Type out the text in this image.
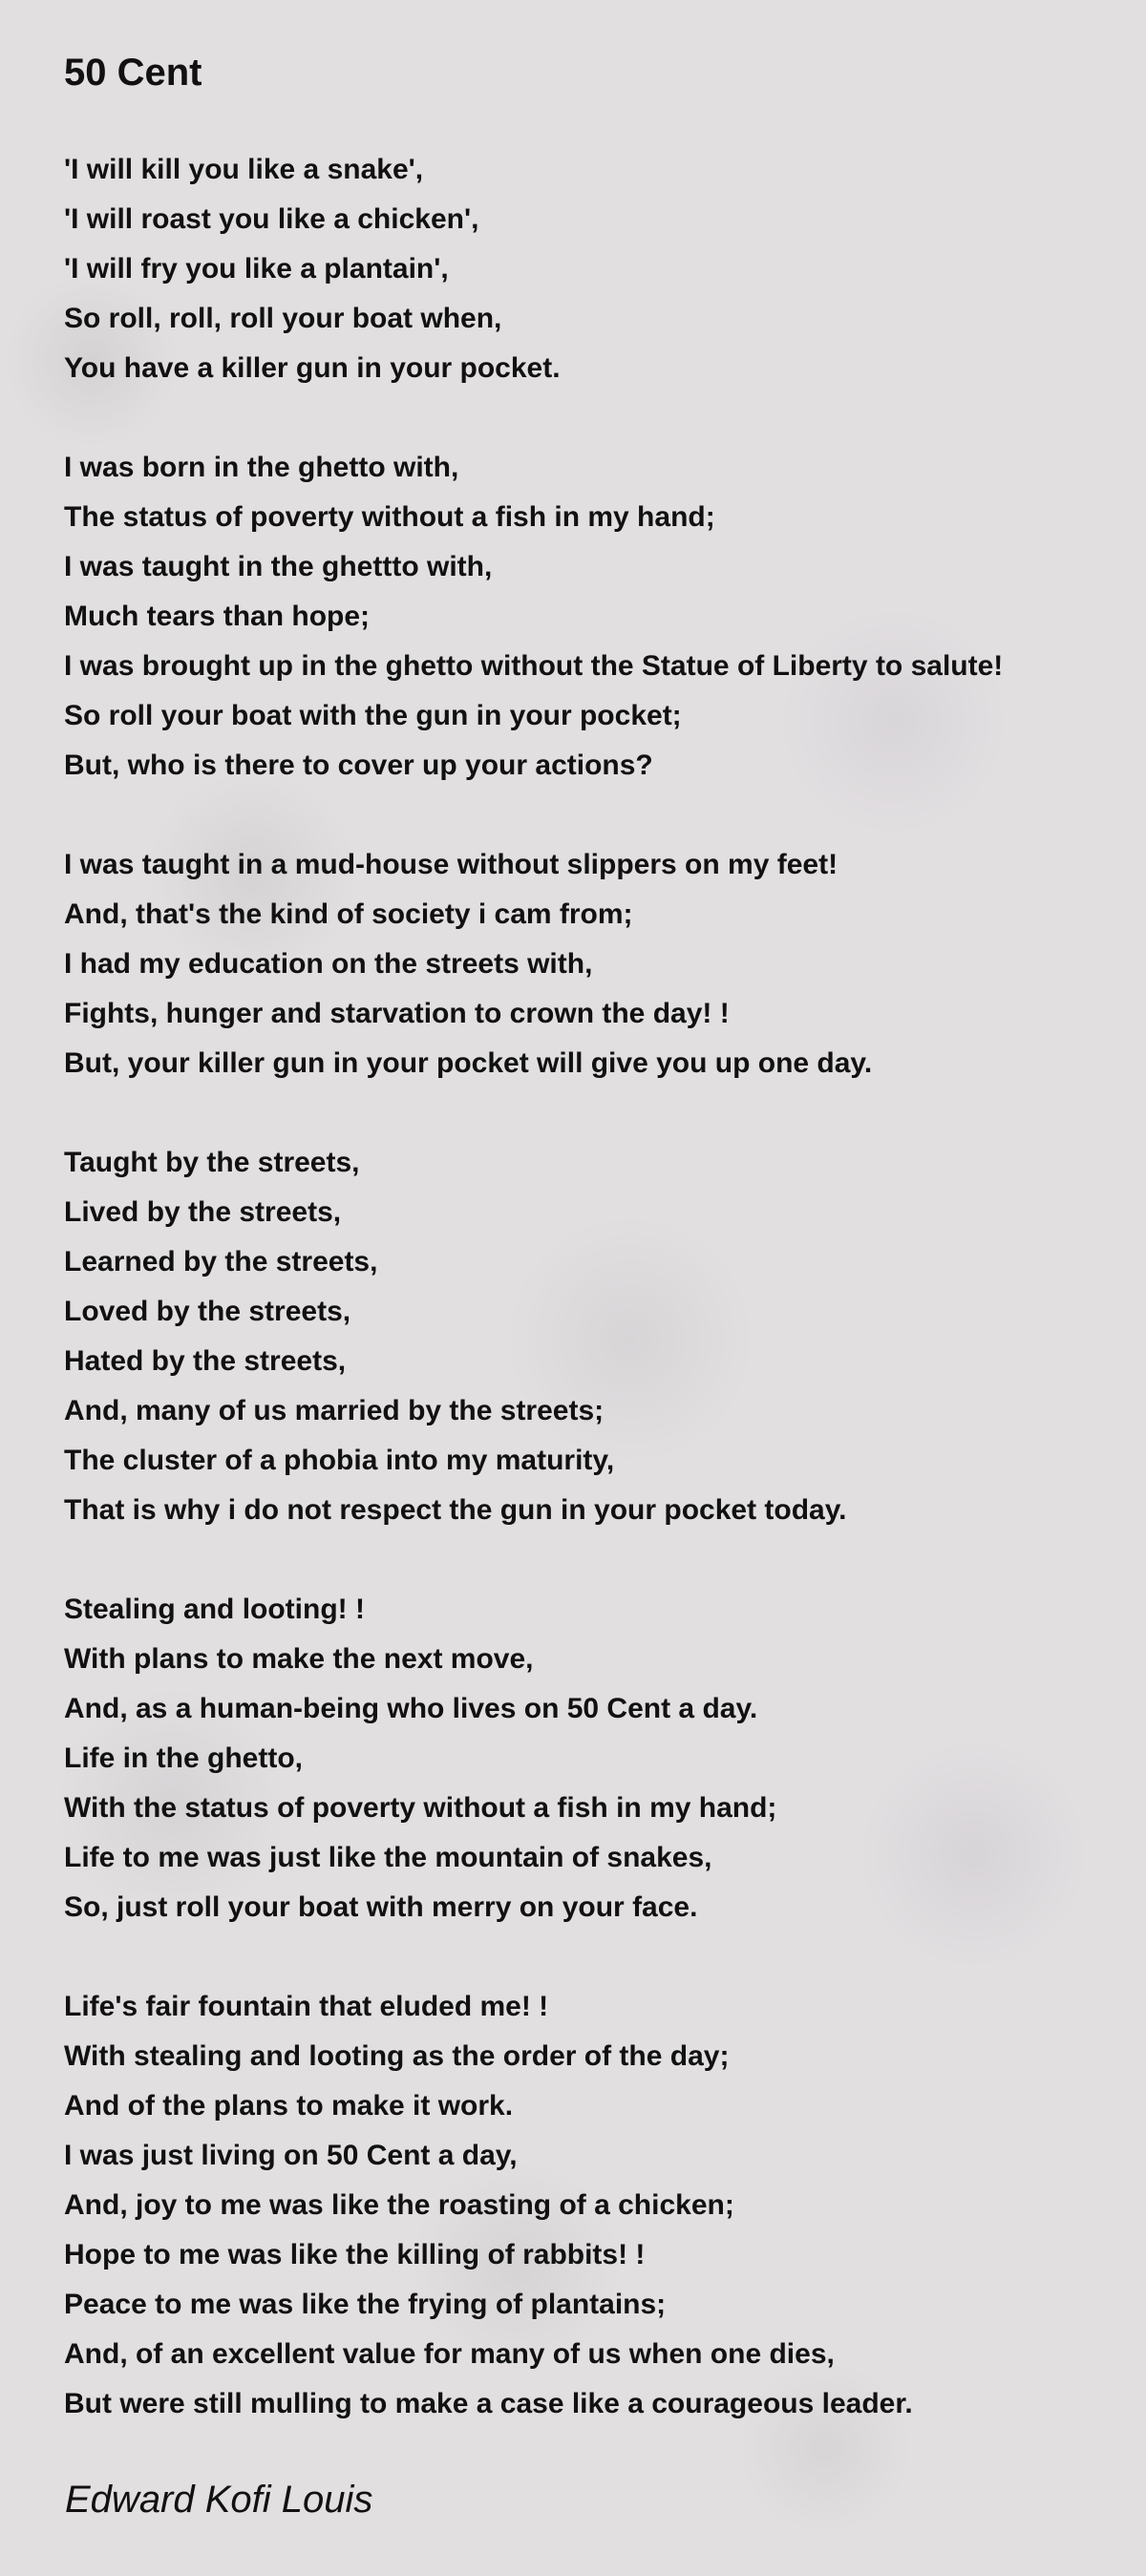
50 Cent
'I will kill you like a snake',
'I will roast you like a chicken',
'I will fry you like a plantain',
So roll, roll, roll your boat when,
You have a killer gun in your pocket.
I was born in the ghetto with,
The status of poverty without a fish in my hand;
I was taught in the ghettto with,
Much tears than hope;
I was brought up in the ghetto without the Statue of Liberty to salute!
So roll your boat with the gun in your pocket;
But, who is there to cover up your actions?
I was taught in a mud-house without slippers on my feet!
And, that's the kind of society i cam from;
I had my education on the streets with,
Fights, hunger and starvation to crown the day! !
But, your killer gun in your pocket will give you up one day.
Taught by the streets,
Lived by the streets,
Learned by the streets,
Loved by the streets,
Hated by the streets,
And, many of us married by the streets;
The cluster of a phobia into my maturity,
That is why i do not respect the gun in your pocket today.
Stealing and looting! !
With plans to make the next move,
And, as a human-being who lives on 50 Cent a day.
Life in the ghetto,
With the status of poverty without a fish in my hand;
Life to me was just like the mountain of snakes,
So, just roll your boat with merry on your face.
Life's fair fountain that eluded me! !
With stealing and looting as the order of the day;
And of the plans to make it work.
I was just living on 50 Cent a day,
And, joy to me was like the roasting of a chicken;
Hope to me was like the killing of rabbits! !
Peace to me was like the frying of plantains;
And, of an excellent value for many of us when one dies,
But were still mulling to make a case like a courageous leader.

Edward Kofi Louis
